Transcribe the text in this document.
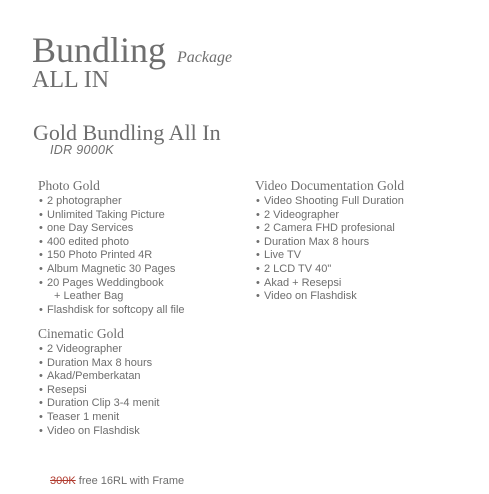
Bundling Package
ALL IN
Gold Bundling All In
IDR 9000K
Photo Gold
• 2 photographer
• Unlimited Taking Picture
• one Day Services
• 400 edited photo
• 150 Photo Printed 4R
• Album Magnetic 30 Pages
• 20 Pages Weddingbook
+ Leather Bag
• Flashdisk for softcopy all file
Video Documentation Gold
• Video Shooting Full Duration
• 2 Videographer
• 2 Camera FHD profesional
• Duration Max 8 hours
• Live TV
• 2 LCD TV 40"
• Akad + Resepsi
• Video on Flashdisk
Cinematic Gold
• 2 Videographer
• Duration Max 8 hours
• Akad/Pemberkatan
• Resepsi
• Duration Clip 3-4 menit
• Teaser 1 menit
• Video on Flashdisk
300K free 16RL with Frame
